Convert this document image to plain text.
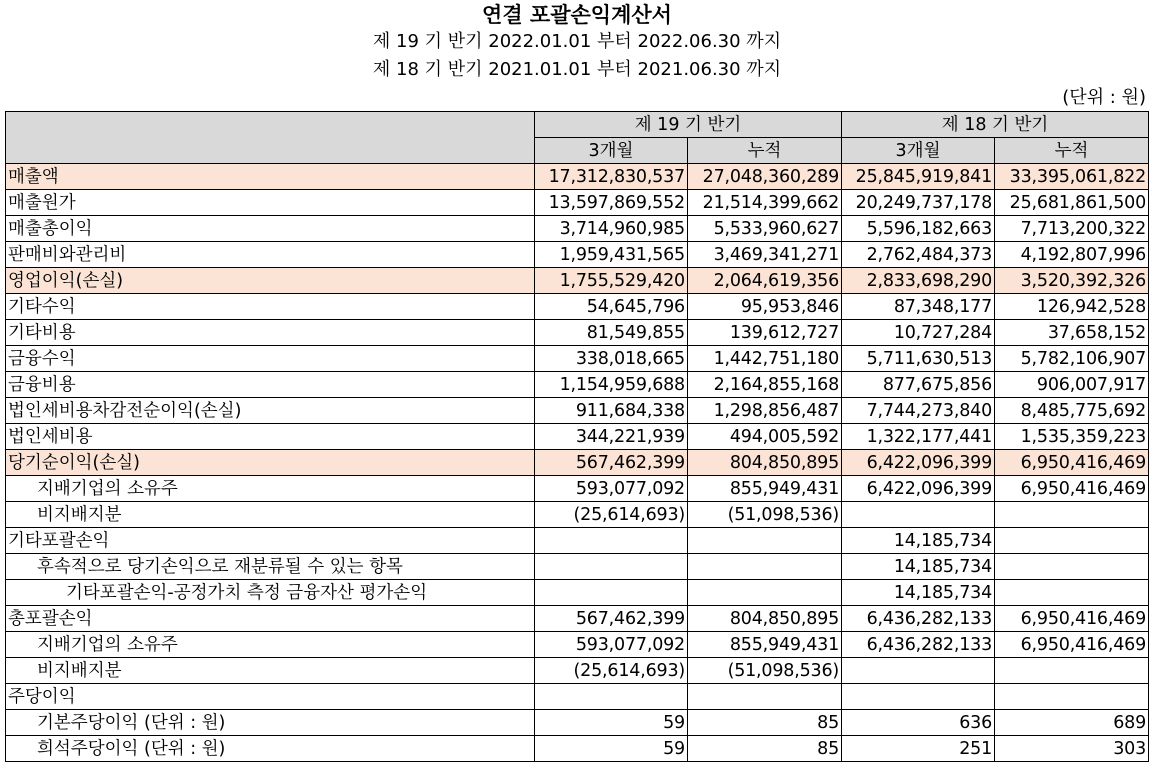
연결 포괄손익계산서
제 19 기 반기 2022.01.01 부터 2022.06.30 까지
제 18 기 반기 2021.01.01 부터 2021.06.30 까지
(단위 : 원)
	제 19 기 반기		제 18 기 반기	
	3개월	누적	3개월	누적
매출액	17,312,830,537	27,048,360,289	25,845,919,841	33,395,061,822
매출원가	13,597,869,552	21,514,399,662	20,249,737,178	25,681,861,500
매출총이익	3,714,960,985	5,533,960,627	5,596,182,663	7,713,200,322
판매비와관리비	1,959,431,565	3,469,341,271	2,762,484,373	4,192,807,996
영업이익(손실)	1,755,529,420	2,064,619,356	2,833,698,290	3,520,392,326
기타수익	54,645,796	95,953,846	87,348,177	126,942,528
기타비용	81,549,855	139,612,727	10,727,284	37,658,152
금융수익	338,018,665	1,442,751,180	5,711,630,513	5,782,106,907
금융비용	1,154,959,688	2,164,855,168	877,675,856	906,007,917
법인세비용차감전순이익(손실)	911,684,338	1,298,856,487	7,744,273,840	8,485,775,692
법인세비용	344,221,939	494,005,592	1,322,177,441	1,535,359,223
당기순이익(손실)	567,462,399	804,850,895	6,422,096,399	6,950,416,469
지배기업의 소유주	593,077,092	855,949,431	6,422,096,399	6,950,416,469
비지배지분	(25,614,693)	(51,098,536)		
기타포괄손익			14,185,734	
후속적으로 당기손익으로 재분류될 수 있는 항목			14,185,734	
기타포괄손익-공정가치 측정 금융자산 평가손익			14,185,734	
총포괄손익	567,462,399	804,850,895	6,436,282,133	6,950,416,469
지배기업의 소유주	593,077,092	855,949,431	6,436,282,133	6,950,416,469
비지배지분	(25,614,693)	(51,098,536)		
주당이익				
기본주당이익 (단위 : 원)	59	85	636	689
희석주당이익 (단위 : 원)	59	85	251	303
